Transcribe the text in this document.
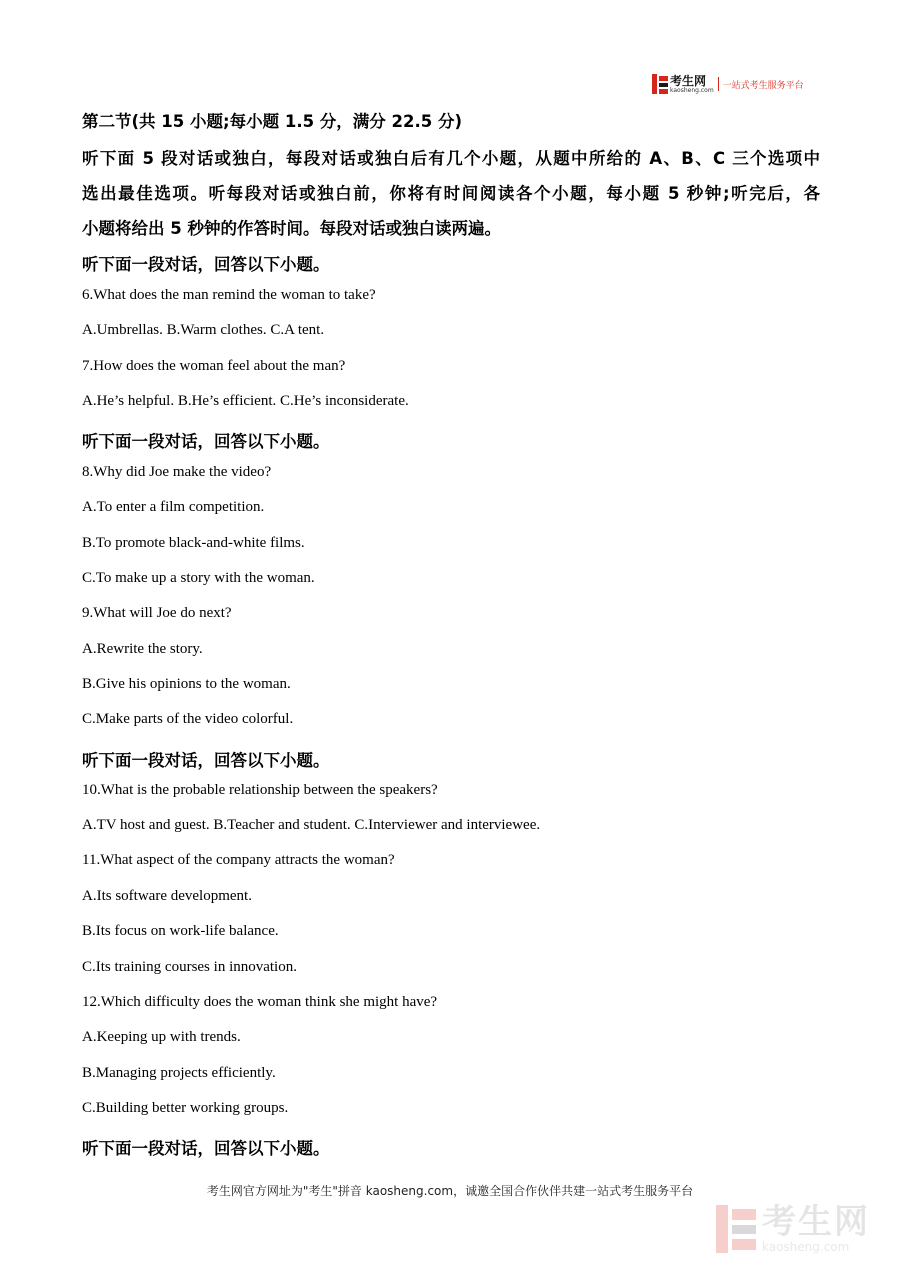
考生网
kaosheng.com 一站式考生服务平台
第二节(共 15 小题;每小题 1.5 分，满分 22.5 分)
听下面 5 段对话或独白，每段对话或独白后有几个小题，从题中所给的 A、B、C 三个选项中
选出最佳选项。听每段对话或独白前，你将有时间阅读各个小题，每小题 5 秒钟;听完后，各
小题将给出 5 秒钟的作答时间。每段对话或独白读两遍。
听下面一段对话，回答以下小题。
6.What does the man remind the woman to take?
A.Umbrellas. B.Warm clothes. C.A tent.
7.How does the woman feel about the man?
A.He’s helpful. B.He’s efficient. C.He’s inconsiderate.
听下面一段对话，回答以下小题。
8.Why did Joe make the video?
A.To enter a film competition.
B.To promote black-and-white films.
C.To make up a story with the woman.
9.What will Joe do next?
A.Rewrite the story.
B.Give his opinions to the woman.
C.Make parts of the video colorful.
听下面一段对话，回答以下小题。
10.What is the probable relationship between the speakers?
A.TV host and guest. B.Teacher and student. C.Interviewer and interviewee.
11.What aspect of the company attracts the woman?
A.Its software development.
B.Its focus on work-life balance.
C.Its training courses in innovation.
12.Which difficulty does the woman think she might have?
A.Keeping up with trends.
B.Managing projects efficiently.
C.Building better working groups.
听下面一段对话，回答以下小题。
考生网官方网址为"考生"拼音 kaosheng.com，诚邀全国合作伙伴共建一站式考生服务平台
考生网
kaosheng.com
